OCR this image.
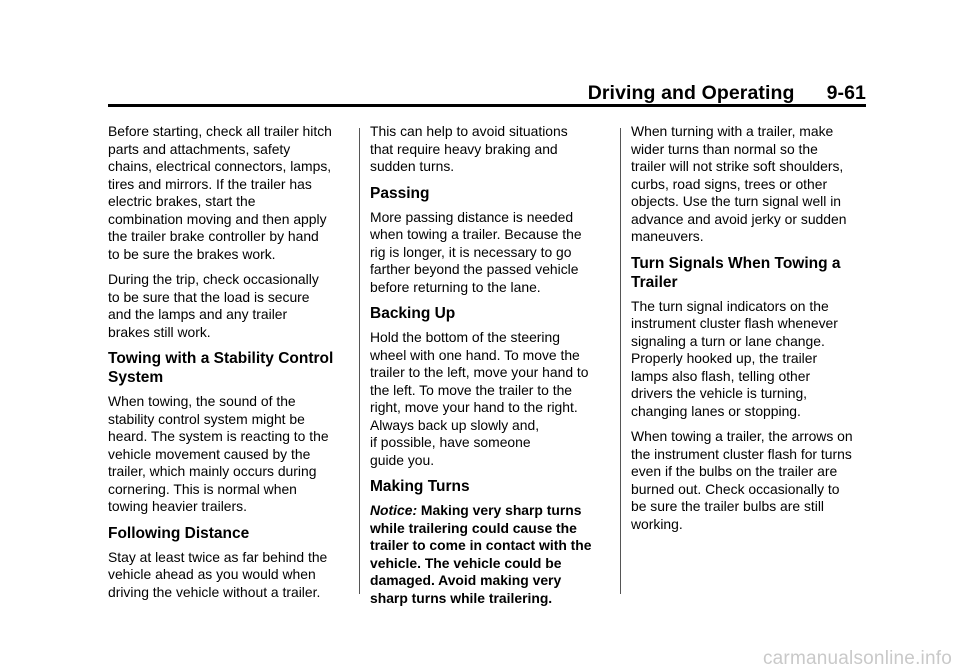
Driving and Operating 9-61

Before starting, check all trailer hitch
parts and attachments, safety
chains, electrical connectors, lamps,
tires and mirrors. If the trailer has
electric brakes, start the
combination moving and then apply
the trailer brake controller by hand
to be sure the brakes work.

During the trip, check occasionally
to be sure that the load is secure
and the lamps and any trailer
brakes still work.

Towing with a Stability Control
System

When towing, the sound of the
stability control system might be
heard. The system is reacting to the
vehicle movement caused by the
trailer, which mainly occurs during
cornering. This is normal when
towing heavier trailers.

Following Distance

Stay at least twice as far behind the
vehicle ahead as you would when
driving the vehicle without a trailer.

This can help to avoid situations
that require heavy braking and
sudden turns.

Passing

More passing distance is needed
when towing a trailer. Because the
rig is longer, it is necessary to go
farther beyond the passed vehicle
before returning to the lane.

Backing Up

Hold the bottom of the steering
wheel with one hand. To move the
trailer to the left, move your hand to
the left. To move the trailer to the
right, move your hand to the right.
Always back up slowly and,
if possible, have someone
guide you.

Making Turns

Notice: Making very sharp turns
while trailering could cause the
trailer to come in contact with the
vehicle. The vehicle could be
damaged. Avoid making very
sharp turns while trailering.

When turning with a trailer, make
wider turns than normal so the
trailer will not strike soft shoulders,
curbs, road signs, trees or other
objects. Use the turn signal well in
advance and avoid jerky or sudden
maneuvers.

Turn Signals When Towing a
Trailer

The turn signal indicators on the
instrument cluster flash whenever
signaling a turn or lane change.
Properly hooked up, the trailer
lamps also flash, telling other
drivers the vehicle is turning,
changing lanes or stopping.

When towing a trailer, the arrows on
the instrument cluster flash for turns
even if the bulbs on the trailer are
burned out. Check occasionally to
be sure the trailer bulbs are still
working.

carmanualsonline.info
